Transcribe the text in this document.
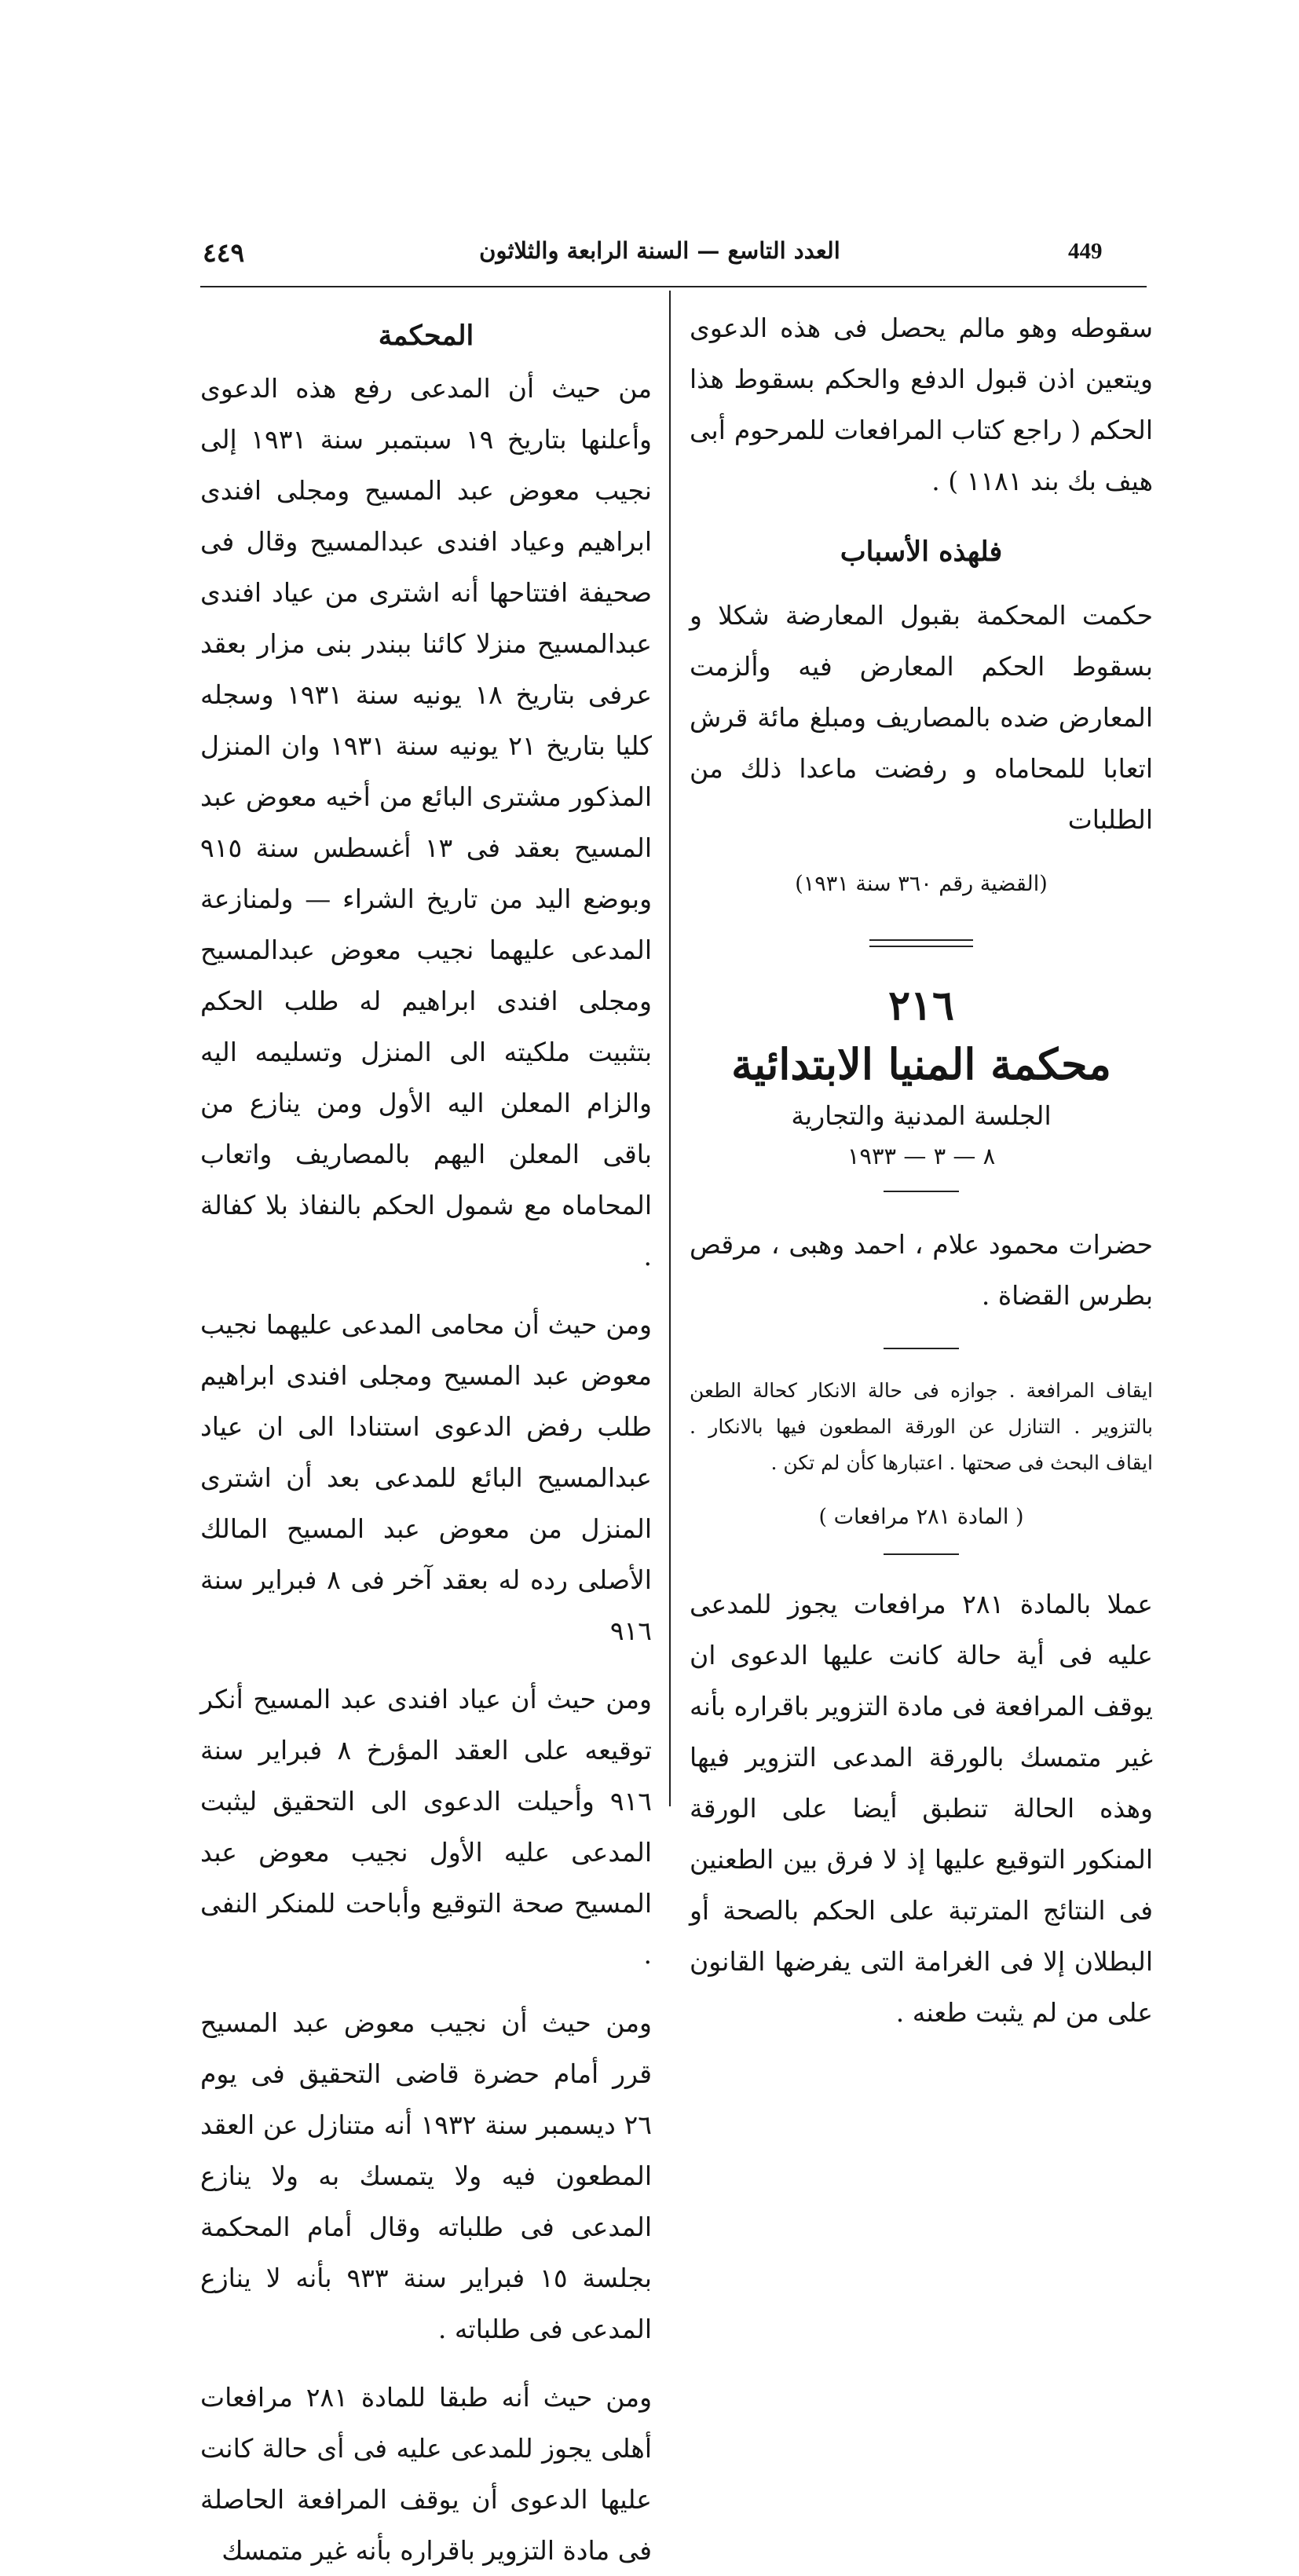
٤٤٩	العدد التاسع — السنة الرابعة والثلاثون	449

سقوطه وهو مالم يحصل فى هذه الدعوى ويتعين اذن قبول الدفع والحكم بسقوط هذا الحكم ( راجع كتاب المرافعات للمرحوم أبى هيف بك بند ١١٨١ ) .

فلهذه الأسباب

حكمت المحكمة بقبول المعارضة شكلا و بسقوط الحكم المعارض فيه وألزمت المعارض ضده بالمصاريف ومبلغ مائة قرش اتعابا للمحاماه و رفضت ماعدا ذلك من الطلبات

(القضية رقم ٣٦٠ سنة ١٩٣١)
٢١٦
محكمة المنيا الابتدائية
الجلسة المدنية والتجارية
٨ — ٣ — ١٩٣٣

حضرات محمود علام ، احمد وهبى ، مرقص بطرس القضاة .

ايقاف المرافعة . جوازه فى حالة الانكار كحالة الطعن بالتزوير . التنازل عن الورقة المطعون فيها بالانكار . ايقاف البحث فى صحتها . اعتبارها كأن لم تكن .

( المادة ٢٨١ مرافعات )

عملا بالمادة ٢٨١ مرافعات يجوز للمدعى عليه فى أية حالة كانت عليها الدعوى ان يوقف المرافعة فى مادة التزوير باقراره بأنه غير متمسك بالورقة المدعى التزوير فيها وهذه الحالة تنطبق أيضا على الورقة المنكور التوقيع عليها إذ لا فرق بين الطعنين فى النتائج المترتبة على الحكم بالصحة أو البطلان إلا فى الغرامة التى يفرضها القانون على من لم يثبت طعنه .

المحكمة

من حيث أن المدعى رفع هذه الدعوى وأعلنها بتاريخ ١٩ سبتمبر سنة ١٩٣١ إلى نجيب معوض عبد المسيح ومجلى افندى ابراهيم وعياد افندى عبدالمسيح وقال فى صحيفة افتتاحها أنه اشترى من عياد افندى عبدالمسيح منزلا كائنا ببندر بنى مزار بعقد عرفى بتاريخ ١٨ يونيه سنة ١٩٣١ وسجله كليا بتاريخ ٢١ يونيه سنة ١٩٣١ وان المنزل المذكور مشترى البائع من أخيه معوض عبد المسيح بعقد فى ١٣ أغسطس سنة ٩١٥ وبوضع اليد من تاريخ الشراء — ولمنازعة المدعى عليهما نجيب معوض عبدالمسيح ومجلى افندى ابراهيم له طلب الحكم بتثبيت ملكيته الى المنزل وتسليمه اليه والزام المعلن اليه الأول ومن ينازع من باقى المعلن اليهم بالمصاريف واتعاب المحاماه مع شمول الحكم بالنفاذ بلا كفالة .

ومن حيث أن محامى المدعى عليهما نجيب معوض عبد المسيح ومجلى افندى ابراهيم طلب رفض الدعوى استنادا الى ان عياد عبدالمسيح البائع للمدعى بعد أن اشترى المنزل من معوض عبد المسيح المالك الأصلى رده له بعقد آخر فى ٨ فبراير سنة ٩١٦

ومن حيث أن عياد افندى عبد المسيح أنكر توقيعه على العقد المؤرخ ٨ فبراير سنة ٩١٦ وأحيلت الدعوى الى التحقيق ليثبت المدعى عليه الأول نجيب معوض عبد المسيح صحة التوقيع وأباحت للمنكر النفى .

ومن حيث أن نجيب معوض عبد المسيح قرر أمام حضرة قاضى التحقيق فى يوم ٢٦ ديسمبر سنة ١٩٣٢ أنه متنازل عن العقد المطعون فيه ولا يتمسك به ولا ينازع المدعى فى طلباته وقال أمام المحكمة بجلسة ١٥ فبراير سنة ٩٣٣ بأنه لا ينازع المدعى فى طلباته .

ومن حيث أنه طبقا للمادة ٢٨١ مرافعات أهلى يجوز للمدعى عليه فى أى حالة كانت عليها الدعوى أن يوقف المرافعة الحاصلة فى مادة التزوير باقراره بأنه غير متمسك
